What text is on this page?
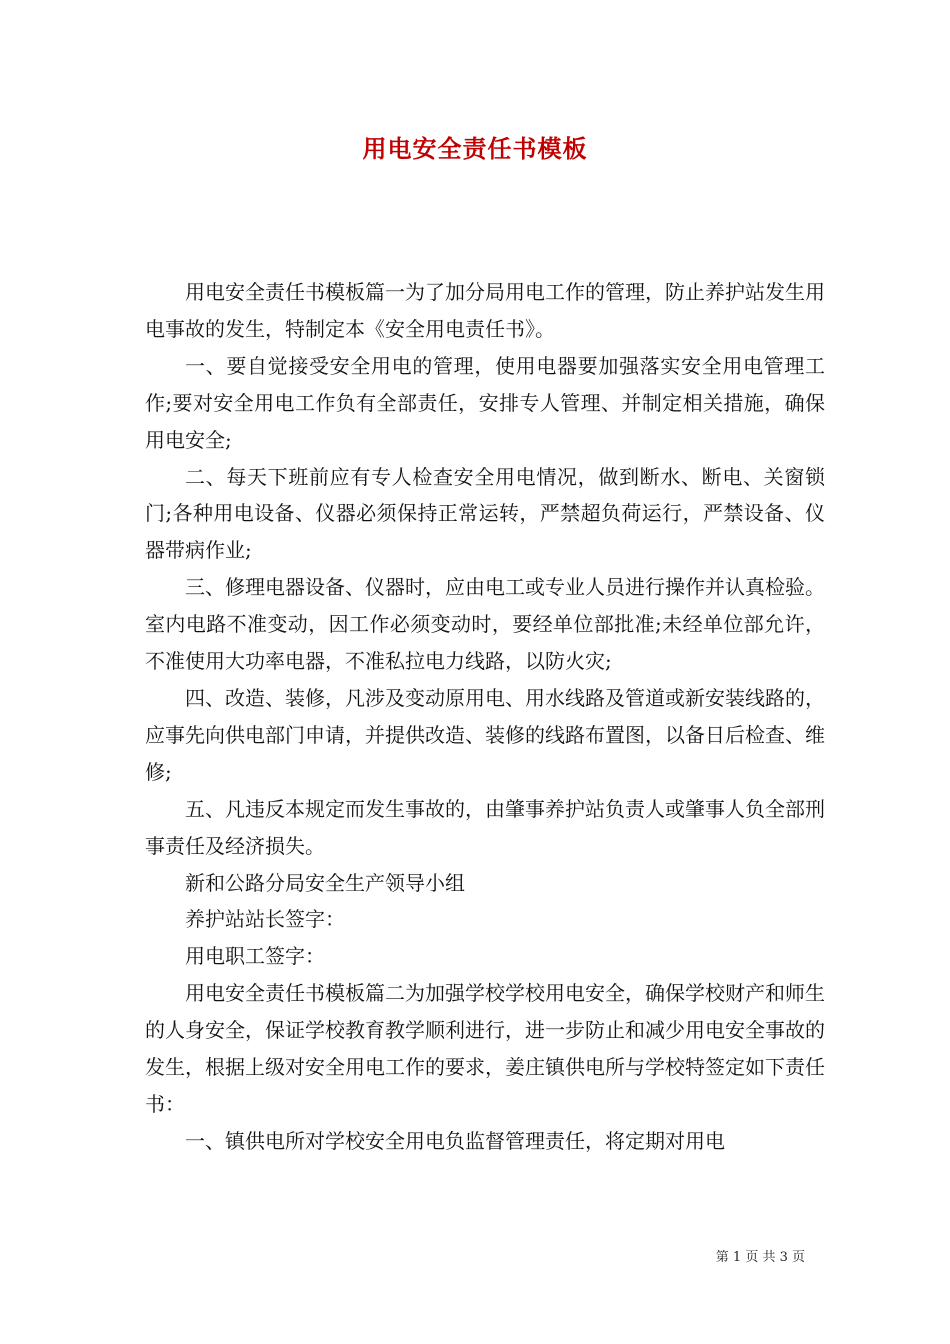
用电安全责任书模板

用电安全责任书模板篇一为了加分局用电工作的管理，防止养护站发生用电事故的发生，特制定本《安全用电责任书》。

一、要自觉接受安全用电的管理，使用电器要加强落实安全用电管理工作;要对安全用电工作负有全部责任，安排专人管理、并制定相关措施，确保用电安全;

二、每天下班前应有专人检查安全用电情况，做到断水、断电、关窗锁门;各种用电设备、仪器必须保持正常运转，严禁超负荷运行，严禁设备、仪器带病作业;

三、修理电器设备、仪器时，应由电工或专业人员进行操作并认真检验。室内电路不准变动，因工作必须变动时，要经单位部批准;未经单位部允许，不准使用大功率电器，不准私拉电力线路，以防火灾;

四、改造、装修，凡涉及变动原用电、用水线路及管道或新安装线路的，应事先向供电部门申请，并提供改造、装修的线路布置图，以备日后检查、维修;

五、凡违反本规定而发生事故的，由肇事养护站负责人或肇事人负全部刑事责任及经济损失。

新和公路分局安全生产领导小组

养护站站长签字：

用电职工签字：

用电安全责任书模板篇二为加强学校学校用电安全，确保学校财产和师生的人身安全，保证学校教育教学顺利进行，进一步防止和减少用电安全事故的发生，根据上级对安全用电工作的要求，姜庄镇供电所与学校特签定如下责任书：

一、镇供电所对学校安全用电负监督管理责任，将定期对用电

第 1 页 共 3 页
